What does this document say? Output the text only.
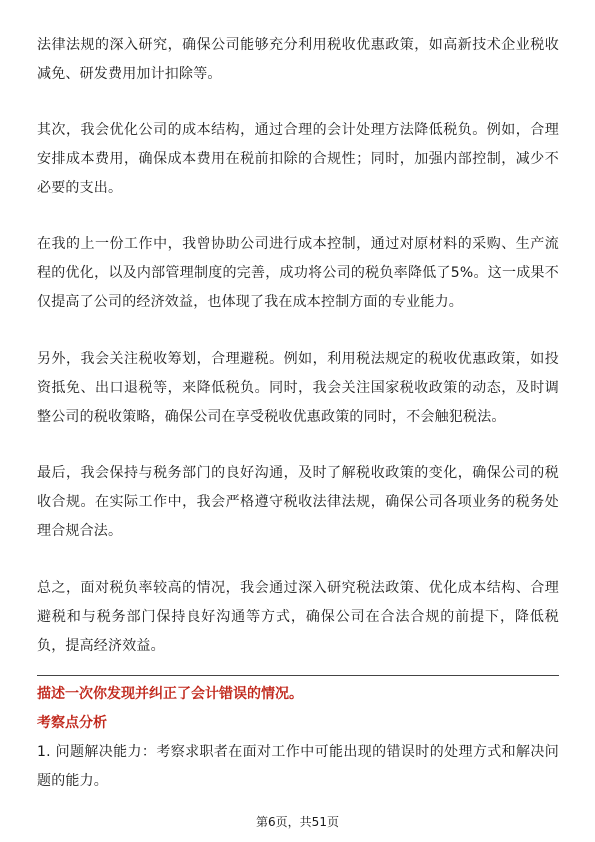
法律法规的深入研究，确保公司能够充分利用税收优惠政策，如高新技术企业税收减免、研发费用加计扣除等。

其次，我会优化公司的成本结构，通过合理的会计处理方法降低税负。例如，合理安排成本费用，确保成本费用在税前扣除的合规性；同时，加强内部控制，减少不必要的支出。

在我的上一份工作中，我曾协助公司进行成本控制，通过对原材料的采购、生产流程的优化，以及内部管理制度的完善，成功将公司的税负率降低了5%。这一成果不仅提高了公司的经济效益，也体现了我在成本控制方面的专业能力。

另外，我会关注税收筹划，合理避税。例如，利用税法规定的税收优惠政策，如投资抵免、出口退税等，来降低税负。同时，我会关注国家税收政策的动态，及时调整公司的税收策略，确保公司在享受税收优惠政策的同时，不会触犯税法。

最后，我会保持与税务部门的良好沟通，及时了解税收政策的变化，确保公司的税收合规。在实际工作中，我会严格遵守税收法律法规，确保公司各项业务的税务处理合规合法。

总之，面对税负率较高的情况，我会通过深入研究税法政策、优化成本结构、合理避税和与税务部门保持良好沟通等方式，确保公司在合法合规的前提下，降低税负，提高经济效益。

描述一次你发现并纠正了会计错误的情况。

考察点分析

1. 问题解决能力：考察求职者在面对工作中可能出现的错误时的处理方式和解决问题的能力。

第6页，共51页
